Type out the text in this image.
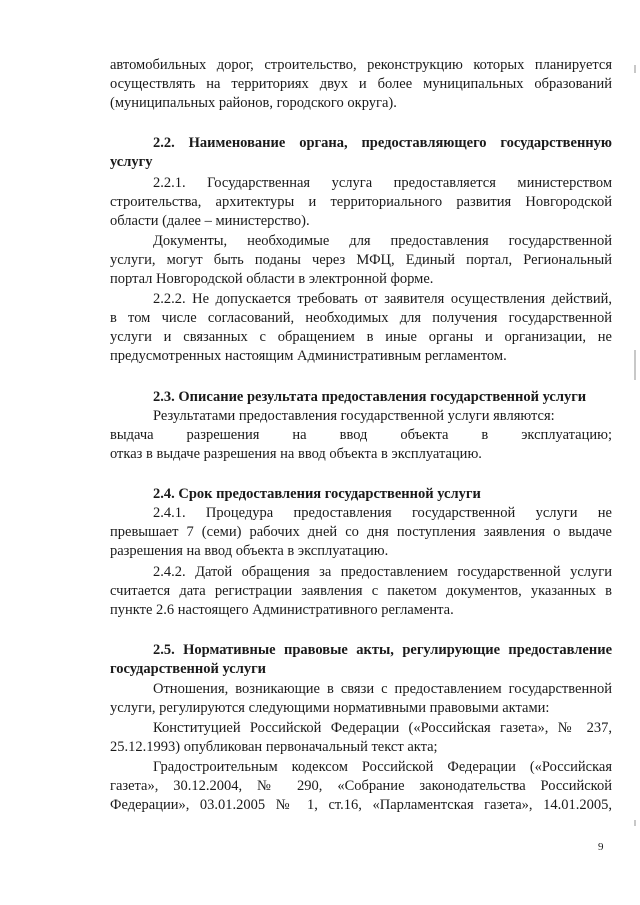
автомобильных дорог, строительство, реконструкцию которых планируется
осуществлять на территориях двух и более муниципальных образований
(муниципальных районов, городского округа).
2.2. Наименование органа, предоставляющего государственную
услугу
2.2.1. Государственная услуга предоставляется министерством
строительства, архитектуры и территориального развития Новгородской
области (далее – министерство).
Документы, необходимые для предоставления государственной
услуги, могут быть поданы через МФЦ, Единый портал, Региональный
портал Новгородской области в электронной форме.
2.2.2. Не допускается требовать от заявителя осуществления действий,
в том числе согласований, необходимых для получения государственной
услуги и связанных с обращением в иные органы и организации, не
предусмотренных настоящим Административным регламентом.
2.3. Описание результата предоставления государственной услуги
Результатами предоставления государственной услуги являются:
выдача разрешения на ввод объекта в эксплуатацию;
отказ в выдаче разрешения на ввод объекта в эксплуатацию.
2.4. Срок предоставления государственной услуги
2.4.1. Процедура предоставления государственной услуги не
превышает 7 (семи) рабочих дней со дня поступления заявления о выдаче
разрешения на ввод объекта в эксплуатацию.
2.4.2. Датой обращения за предоставлением государственной услуги
считается дата регистрации заявления с пакетом документов, указанных в
пункте 2.6 настоящего Административного регламента.
2.5. Нормативные правовые акты, регулирующие предоставление
государственной услуги
Отношения, возникающие в связи с предоставлением государственной
услуги, регулируются следующими нормативными правовыми актами:
Конституцией Российской Федерации («Российская газета», № 237,
25.12.1993) опубликован первоначальный текст акта;
Градостроительным кодексом Российской Федерации («Российская
газета», 30.12.2004, № 290, «Собрание законодательства Российской
Федерации», 03.01.2005 № 1, ст.16, «Парламентская газета», 14.01.2005,
9
